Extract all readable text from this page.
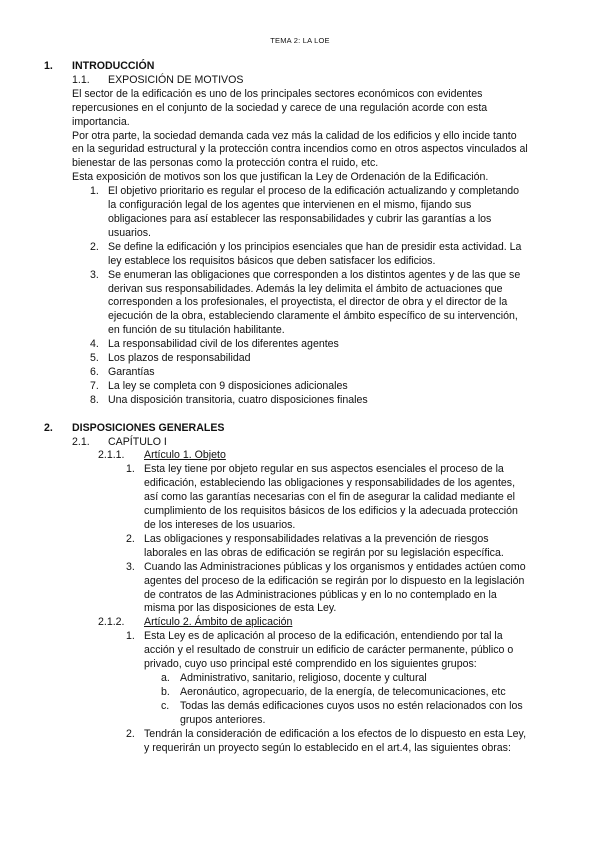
TEMA 2: LA LOE
1. INTRODUCCIÓN
1.1. EXPOSICIÓN DE MOTIVOS
El sector de la edificación es uno de los principales sectores económicos con evidentes repercusiones en el conjunto de la sociedad y carece de una regulación acorde con esta importancia.
Por otra parte, la sociedad demanda cada vez más la calidad de los edificios y ello incide tanto en la seguridad estructural y la protección contra incendios como en otros aspectos vinculados al bienestar de las personas como la protección contra el ruido, etc.
Esta exposición de motivos son los que justifican la Ley de Ordenación de la Edificación.
1. El objetivo prioritario es regular el proceso de la edificación actualizando y completando la configuración legal de los agentes que intervienen en el mismo, fijando sus obligaciones para así establecer las responsabilidades y cubrir las garantías a los usuarios.
2. Se define la edificación y los principios esenciales que han de presidir esta actividad. La ley establece los requisitos básicos que deben satisfacer los edificios.
3. Se enumeran las obligaciones que corresponden a los distintos agentes y de las que se derivan sus responsabilidades. Además la ley delimita el ámbito de actuaciones que corresponden a los profesionales, el proyectista, el director de obra y el director de la ejecución de la obra, estableciendo claramente el ámbito específico de su intervención, en función de su titulación habilitante.
4. La responsabilidad civil de los diferentes agentes
5. Los plazos de responsabilidad
6. Garantías
7. La ley se completa con 9 disposiciones adicionales
8. Una disposición transitoria, cuatro disposiciones finales
2. DISPOSICIONES GENERALES
2.1. CAPÍTULO I
2.1.1. Artículo 1. Objeto
1. Esta ley tiene por objeto regular en sus aspectos esenciales el proceso de la edificación, estableciendo las obligaciones y responsabilidades de los agentes, así como las garantías necesarias con el fin de asegurar la calidad mediante el cumplimiento de los requisitos básicos de los edificios y la adecuada protección de los intereses de los usuarios.
2. Las obligaciones y responsabilidades relativas a la prevención de riesgos laborales en las obras de edificación se regirán por su legislación específica.
3. Cuando las Administraciones públicas y los organismos y entidades actúen como agentes del proceso de la edificación se regirán por lo dispuesto en la legislación de contratos de las Administraciones públicas y en lo no contemplado en la misma por las disposiciones de esta Ley.
2.1.2. Artículo 2. Ámbito de aplicación
1. Esta Ley es de aplicación al proceso de la edificación, entendiendo por tal la acción y el resultado de construir un edificio de carácter permanente, público o privado, cuyo uso principal esté comprendido en los siguientes grupos:
a. Administrativo, sanitario, religioso, docente y cultural
b. Aeronáutico, agropecuario, de la energía, de telecomunicaciones, etc
c. Todas las demás edificaciones cuyos usos no estén relacionados con los grupos anteriores.
2. Tendrán la consideración de edificación a los efectos de lo dispuesto en esta Ley, y requerirán un proyecto según lo establecido en el art.4, las siguientes obras:
